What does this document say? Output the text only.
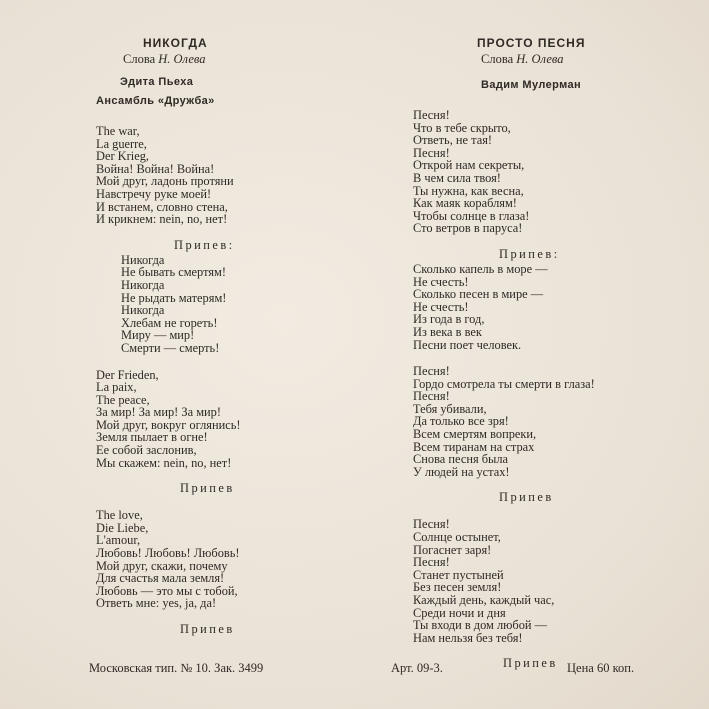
НИКОГДА
Слова Н. Олева
Эдита Пьеха
Ансамбль «Дружба»
The war,
La guerre,
Der Krieg,
Война! Война! Война!
Мой друг, ладонь протяни
Навстречу руке моей!
И встанем, словно стена,
И крикнем: nein, no, нет!
Припев:
Никогда
Не бывать смертям!
Никогда
Не рыдать матерям!
Никогда
Хлебам не гореть!
Миру — мир!
Смерти — смерть!
Der Frieden,
La paix,
The peace,
За мир! За мир! За мир!
Мой друг, вокруг оглянись!
Земля пылает в огне!
Ее собой заслонив,
Мы скажем: nein, no, нет!
Припев
The love,
Die Liebe,
L'amour,
Любовь! Любовь! Любовь!
Мой друг, скажи, почему
Для счастья мала земля!
Любовь — это мы с тобой,
Ответь мне: yes, ja, да!
Припев
ПРОСТО ПЕСНЯ
Слова Н. Олева
Вадим Мулерман
Песня!
Что в тебе скрыто,
Ответь, не тая!
Песня!
Открой нам секреты,
В чем сила твоя!
Ты нужна, как весна,
Как маяк кораблям!
Чтобы солнце в глаза!
Сто ветров в паруса!
Припев:
Сколько капель в море —
Не счесть!
Сколько песен в мире —
Не счесть!
Из года в год,
Из века в век
Песни поет человек.
Песня!
Гордо смотрела ты смерти в глаза!
Песня!
Тебя убивали,
Да только все зря!
Всем смертям вопреки,
Всем тиранам на страх
Снова песня была
У людей на устах!
Припев
Песня!
Солнце остынет,
Погаснет заря!
Песня!
Станет пустыней
Без песен земля!
Каждый день, каждый час,
Среди ночи и дня
Ты входи в дом любой —
Нам нельзя без тебя!
Припев
Московская тип. № 10. Зак. 3499	Арт. 09-3.	Цена 60 коп.
